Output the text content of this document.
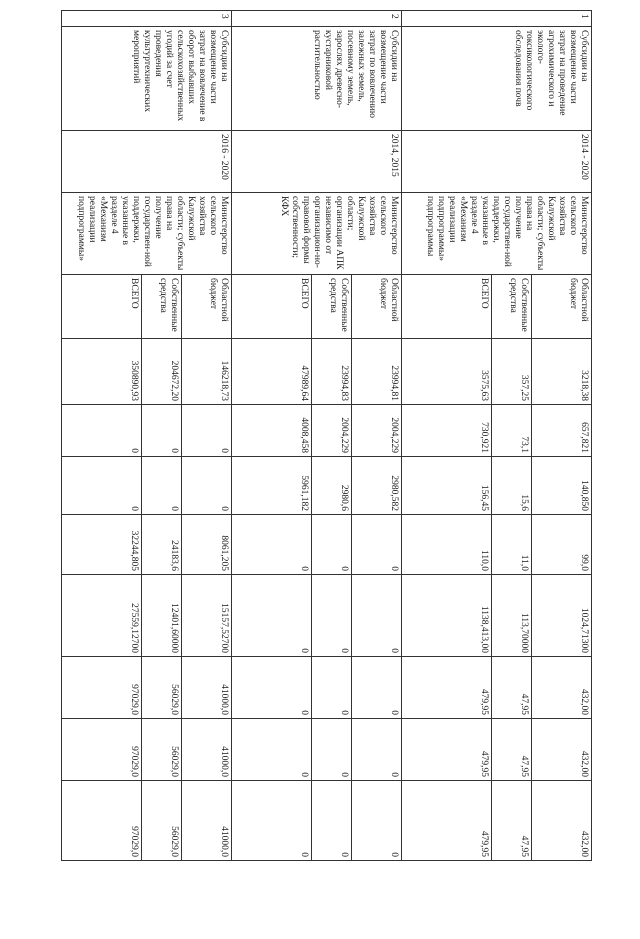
1	Субсидии на возмещение части затрат на проведение агрохимического и эколого-токсикологического обследования почв	2014 - 2020	Министерство сельского хозяйства Калужской области; субъекты права на получение государствен-ной поддержки, указанные в разделе 4 «Механизм реализации подпрограммы» подпрограммы	Областной бюджет	3218,38	657,821	140,850	99,0	1024,71300	432,00	432,00	432,00
				Собственные средства	357,25	73,1	15,6	11,0	113,70000	47,95	47,95	47,95
				ВСЕГО	3575,63	730,921	156,45	110,0	1138,413,00	479,95	479,95	479,95
2	Субсидии на возмещение части затрат по вовлечению залежных земель, посевному земель, зарослях древесно-кустарниковой растительностью	2014, 2015	Министерство сельского хозяйства Калужской области; организации АПК независимо от организацион-но-правовой формы собственности; КФХ	Областной бюджет	23994,81	2004,229	2980,582	0	0	0	0	0
				Собственные средства	23994,83	2004,229	2980,6	0	0	0	0	0
				ВСЕГО	47989,64	4008,458	5961,182	0	0	0	0	0
3	Субсидии на возмещение части затрат на вовлечение в оборот выбывших сельскохозяйственных угодий за счет проведения культуртехнических мероприятий	2016 - 2020	Министерство сельского хозяйства Калужской области; субъекты права на получение государствен-ной поддержки, указанные в разделе 4 «Механизм реализации подпрограммы»	Областной бюджет	146218,73	0	0	8061,205	15157,52700	41000,0	41000,0	41000,0
				Собственные средства	204672,20	0	0	24183,6	12401,60000	56029,0	56029,0	56029,0
				ВСЕГО	350890,93	0	0	32244,805	27559,12700	97029,0	97029,0	97029,0
